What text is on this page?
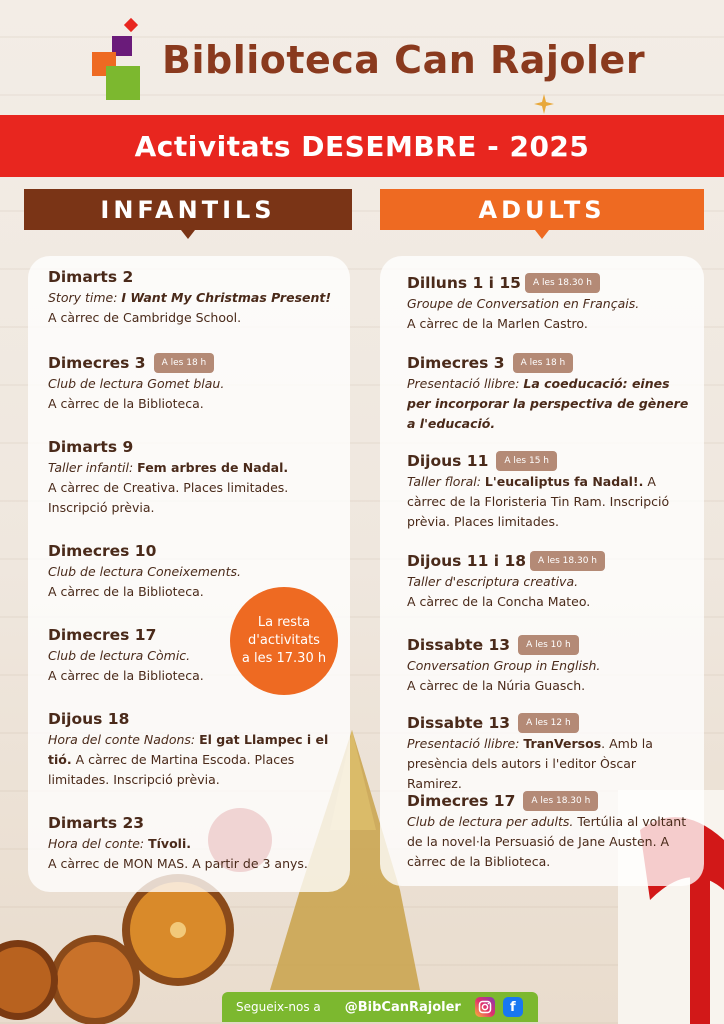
Biblioteca Can Rajoler
Activitats DESEMBRE - 2025
INFANTILS	ADULTS
Dimarts 2
Story time: I Want My Christmas Present!
A càrrec de Cambridge School.
Dimecres 3 A les 18 h
Club de lectura Gomet blau.
A càrrec de la Biblioteca.
Dimarts 9
Taller infantil: Fem arbres de Nadal.
A càrrec de Creativa. Places limitades. Inscripció prèvia.
Dimecres 10
Club de lectura Coneixements.
A càrrec de la Biblioteca.
Dimecres 17
Club de lectura Còmic.
A càrrec de la Biblioteca.
Dijous 18
Hora del conte Nadons: El gat Llampec i el tió. A càrrec de Martina Escoda. Places limitades. Inscripció prèvia.
Dimarts 23
Hora del conte: Tívoli.
A càrrec de MON MAS. A partir de 3 anys.
La resta
d'activitats
a les 17.30 h
Dilluns 1 i 15 A les 18.30 h
Groupe de Conversation en Français.
A càrrec de la Marlen Castro.
Dimecres 3 A les 18 h
Presentació llibre: La coeducació: eines per incorporar la perspectiva de gènere a l'educació.
Dijous 11 A les 15 h
Taller floral: L'eucaliptus fa Nadal!. A càrrec de la Floristeria Tin Ram. Inscripció prèvia. Places limitades.
Dijous 11 i 18 A les 18.30 h
Taller d'escriptura creativa.
A càrrec de la Concha Mateo.
Dissabte 13 A les 10 h
Conversation Group in English.
A càrrec de la Núria Guasch.
Dissabte 13 A les 12 h
Presentació llibre: TranVersos. Amb la presència dels autors i l'editor Òscar Ramirez.
Dimecres 17 A les 18.30 h
Club de lectura per adults. Tertúlia al voltant de la novel·la Persuasió de Jane Austen. A càrrec de la Biblioteca.
Segueix-nos a @BibCanRajoler	f
